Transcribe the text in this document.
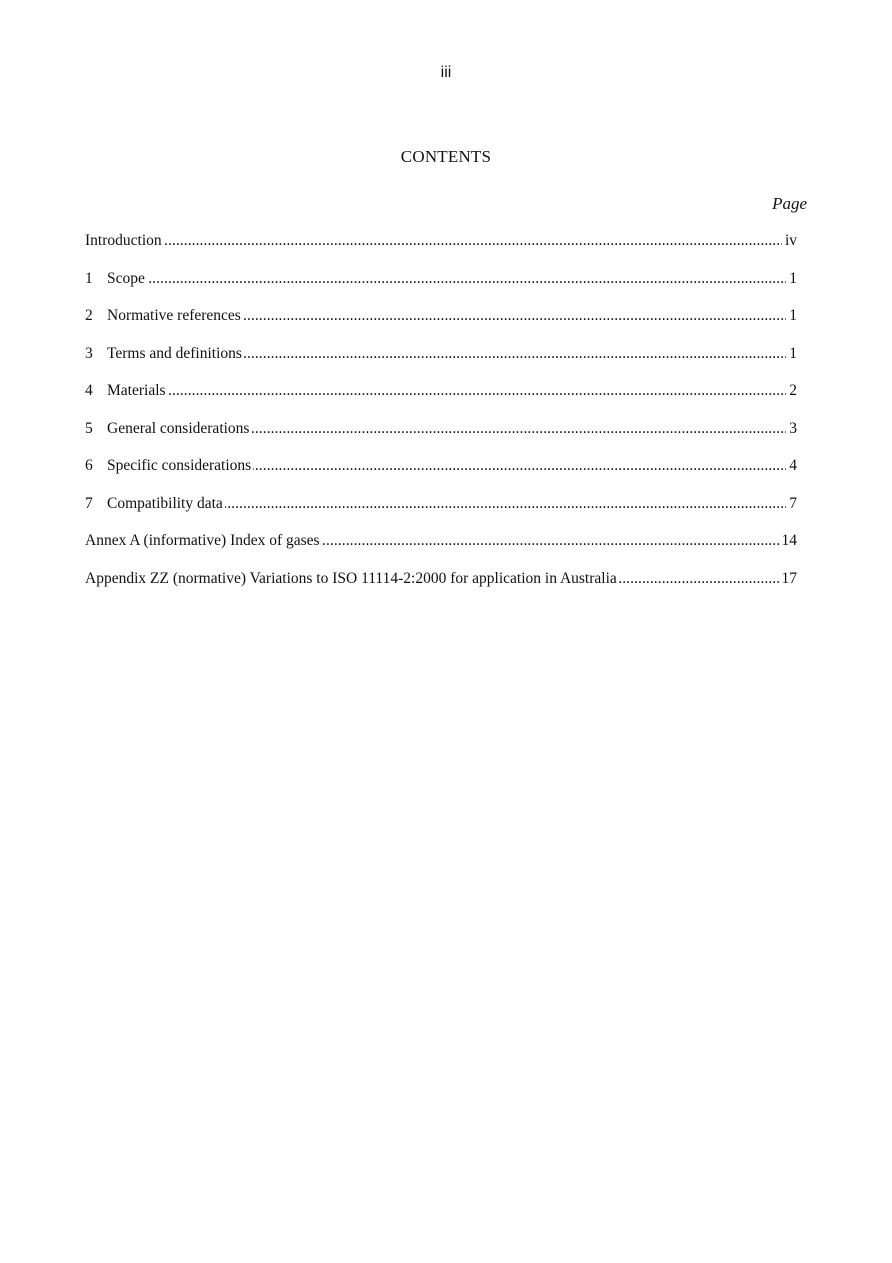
iii
CONTENTS
Page
Introduction	iv
. . .
1 Scope	1
. . .
2 Normative references	1
. . .
3 Terms and definitions	1
. . .
4 Materials	2
. . .
5 General considerations	3
. . .
6 Specific considerations	4
. . .
7 Compatibility data	7
. . .
Annex A (informative) Index of gases	14
. . .
Appendix ZZ (normative) Variations to ISO 11114-2:2000 for application in Australia	17
. . .
